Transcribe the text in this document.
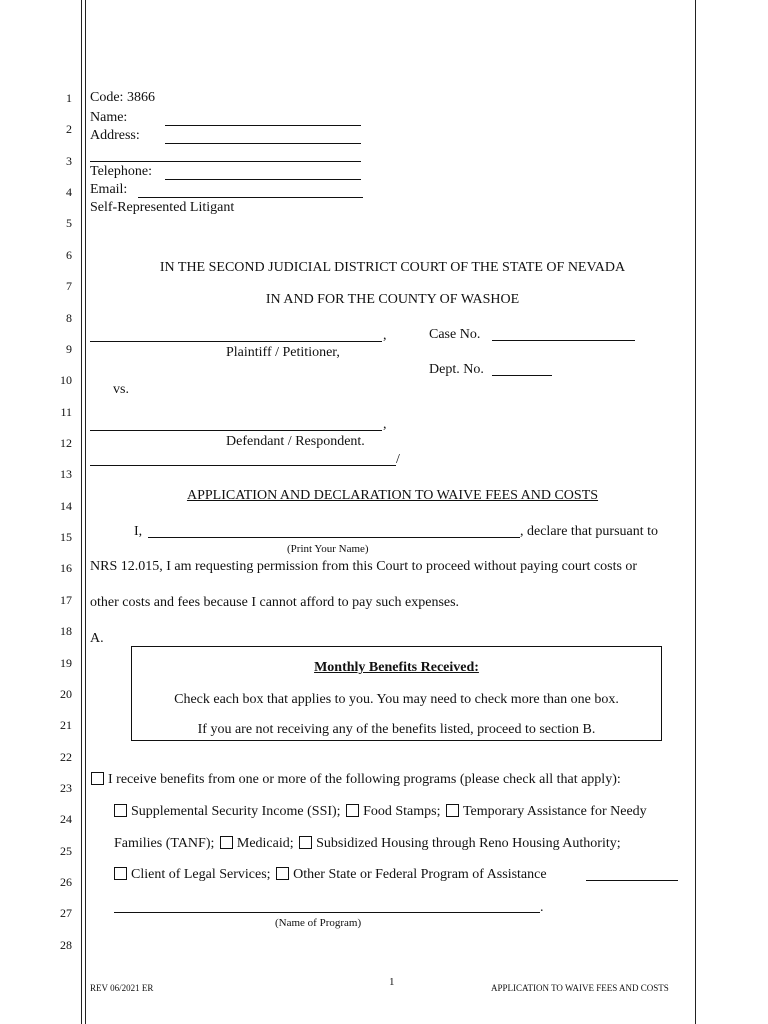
1
2
3
4
5
6
7
8
9
10
11
12
13
14
15
16
17
18
19
20
21
22
23
24
25
26
27
28
Code: 3866
Name:
Address:
Telephone:
Email:
Self-Represented Litigant
IN THE SECOND JUDICIAL DISTRICT COURT OF THE STATE OF NEVADA
IN AND FOR THE COUNTY OF WASHOE
,
Plaintiff / Petitioner,
Case No.
Dept. No.
vs.
,
Defendant / Respondent.
/
APPLICATION AND DECLARATION TO WAIVE FEES AND COSTS
I,	, declare that pursuant to
(Print Your Name)
NRS 12.015, I am requesting permission from this Court to proceed without paying court costs or
other costs and fees because I cannot afford to pay such expenses.
A.
Monthly Benefits Received:
Check each box that applies to you. You may need to check more than one box.
If you are not receiving any of the benefits listed, proceed to section B.
I receive benefits from one or more of the following programs (please check all that apply):
Supplemental Security Income (SSI); Food Stamps; Temporary Assistance for Needy
Families (TANF); Medicaid; Subsidized Housing through Reno Housing Authority;
Client of Legal Services; Other State or Federal Program of Assistance
.
(Name of Program)
REV 06/2021 ER	1	APPLICATION TO WAIVE FEES AND COSTS
